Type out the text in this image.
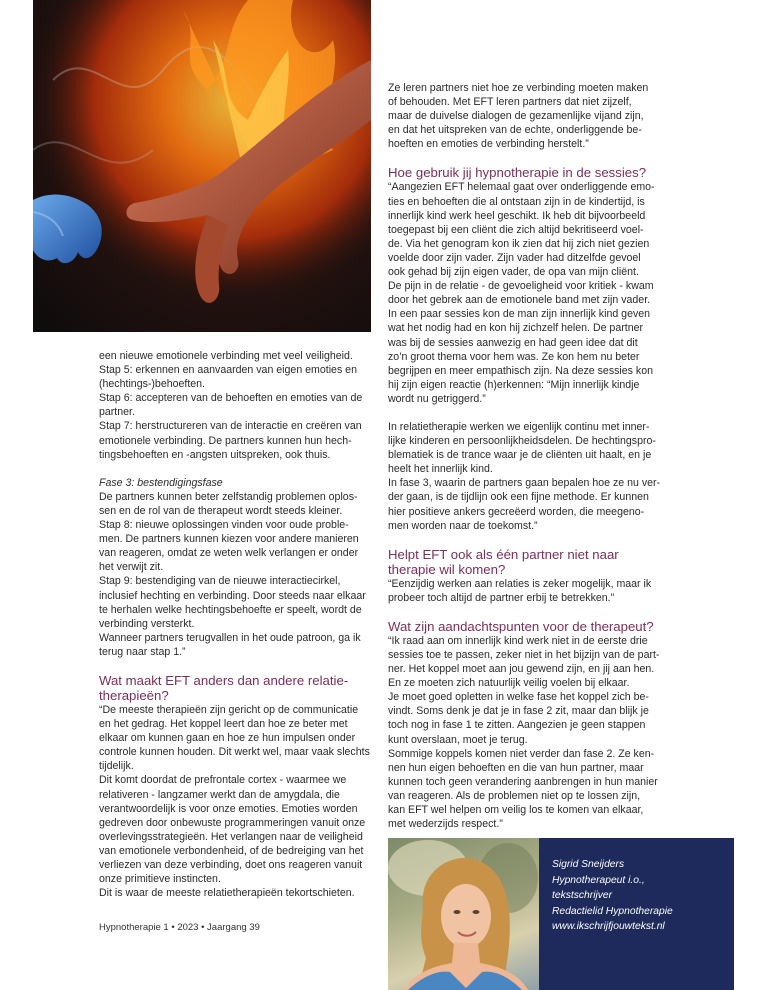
een nieuwe emotionele verbinding met veel veiligheid.
Stap 5: erkennen en aanvaarden van eigen emoties en
(hechtings-)behoeften.
Stap 6: accepteren van de behoeften en emoties van de
partner.
Stap 7: herstructureren van de interactie en creëren van
emotionele verbinding. De partners kunnen hun hech-
tingsbehoeften en -angsten uitspreken, ook thuis.

Fase 3: bestendigingsfase

De partners kunnen beter zelfstandig problemen oplos-
sen en de rol van de therapeut wordt steeds kleiner.
Stap 8: nieuwe oplossingen vinden voor oude proble-
men. De partners kunnen kiezen voor andere manieren
van reageren, omdat ze weten welk verlangen er onder
het verwijt zit.
Stap 9: bestendiging van de nieuwe interactiecirkel,
inclusief hechting en verbinding. Door steeds naar elkaar
te herhalen welke hechtingsbehoefte er speelt, wordt de
verbinding versterkt.
Wanneer partners terugvallen in het oude patroon, ga ik
terug naar stap 1.”

Wat maakt EFT anders dan andere relatie-
therapieën?

“De meeste therapieën zijn gericht op de communicatie
en het gedrag. Het koppel leert dan hoe ze beter met
elkaar om kunnen gaan en hoe ze hun impulsen onder
controle kunnen houden. Dit werkt wel, maar vaak slechts
tijdelijk.
Dit komt doordat de prefrontale cortex - waarmee we
relativeren - langzamer werkt dan de amygdala, die
verantwoordelijk is voor onze emoties. Emoties worden
gedreven door onbewuste programmeringen vanuit onze
overlevingsstrategieën. Het verlangen naar de veiligheid
van emotionele verbondenheid, of de bedreiging van het
verliezen van deze verbinding, doet ons reageren vanuit
onze primitieve instincten.
Dit is waar de meeste relatietherapieën tekortschieten.

Ze leren partners niet hoe ze verbinding moeten maken
of behouden. Met EFT leren partners dat niet zijzelf,
maar de duivelse dialogen de gezamenlijke vijand zijn,
en dat het uitspreken van de echte, onderliggende be-
hoeften en emoties de verbinding herstelt.”

Hoe gebruik jij hypnotherapie in de sessies?

“Aangezien EFT helemaal gaat over onderliggende emo-
ties en behoeften die al ontstaan zijn in de kindertijd, is
innerlijk kind werk heel geschikt. Ik heb dit bijvoorbeeld
toegepast bij een cliënt die zich altijd bekritiseerd voel-
de. Via het genogram kon ik zien dat hij zich niet gezien
voelde door zijn vader. Zijn vader had ditzelfde gevoel
ook gehad bij zijn eigen vader, de opa van mijn cliënt.
De pijn in de relatie - de gevoeligheid voor kritiek - kwam
door het gebrek aan de emotionele band met zijn vader.
In een paar sessies kon de man zijn innerlijk kind geven
wat het nodig had en kon hij zichzelf helen. De partner
was bij de sessies aanwezig en had geen idee dat dit
zo’n groot thema voor hem was. Ze kon hem nu beter
begrijpen en meer empathisch zijn. Na deze sessies kon
hij zijn eigen reactie (h)erkennen: “Mijn innerlijk kindje
wordt nu getriggerd.”

In relatietherapie werken we eigenlijk continu met inner-
lijke kinderen en persoonlijkheidsdelen. De hechtingspro-
blematiek is de trance waar je de cliënten uit haalt, en je
heelt het innerlijk kind.
In fase 3, waarin de partners gaan bepalen hoe ze nu ver-
der gaan, is de tijdlijn ook een fijne methode. Er kunnen
hier positieve ankers gecreëerd worden, die meegeno-
men worden naar de toekomst.”

Helpt EFT ook als één partner niet naar
therapie wil komen?

“Eenzijdig werken aan relaties is zeker mogelijk, maar ik
probeer toch altijd de partner erbij te betrekken.”

Wat zijn aandachtspunten voor de therapeut?

“Ik raad aan om innerlijk kind werk niet in de eerste drie
sessies toe te passen, zeker niet in het bijzijn van de part-
ner. Het koppel moet aan jou gewend zijn, en jij aan hen.
En ze moeten zich natuurlijk veilig voelen bij elkaar.
Je moet goed opletten in welke fase het koppel zich be-
vindt. Soms denk je dat je in fase 2 zit, maar dan blijk je
toch nog in fase 1 te zitten. Aangezien je geen stappen
kunt overslaan, moet je terug.
Sommige koppels komen niet verder dan fase 2. Ze ken-
nen hun eigen behoeften en die van hun partner, maar
kunnen toch geen verandering aanbrengen in hun manier
van reageren. Als de problemen niet op te lossen zijn,
kan EFT wel helpen om veilig los te komen van elkaar,
met wederzijds respect.”

Hypnotherapie 1 • 2023 • Jaargang 39
Sigrid Sneijders
Hypnotherapeut i.o.,
tekstschrijver
Redactielid Hypnotherapie
www.ikschrijfjouwtekst.nl
